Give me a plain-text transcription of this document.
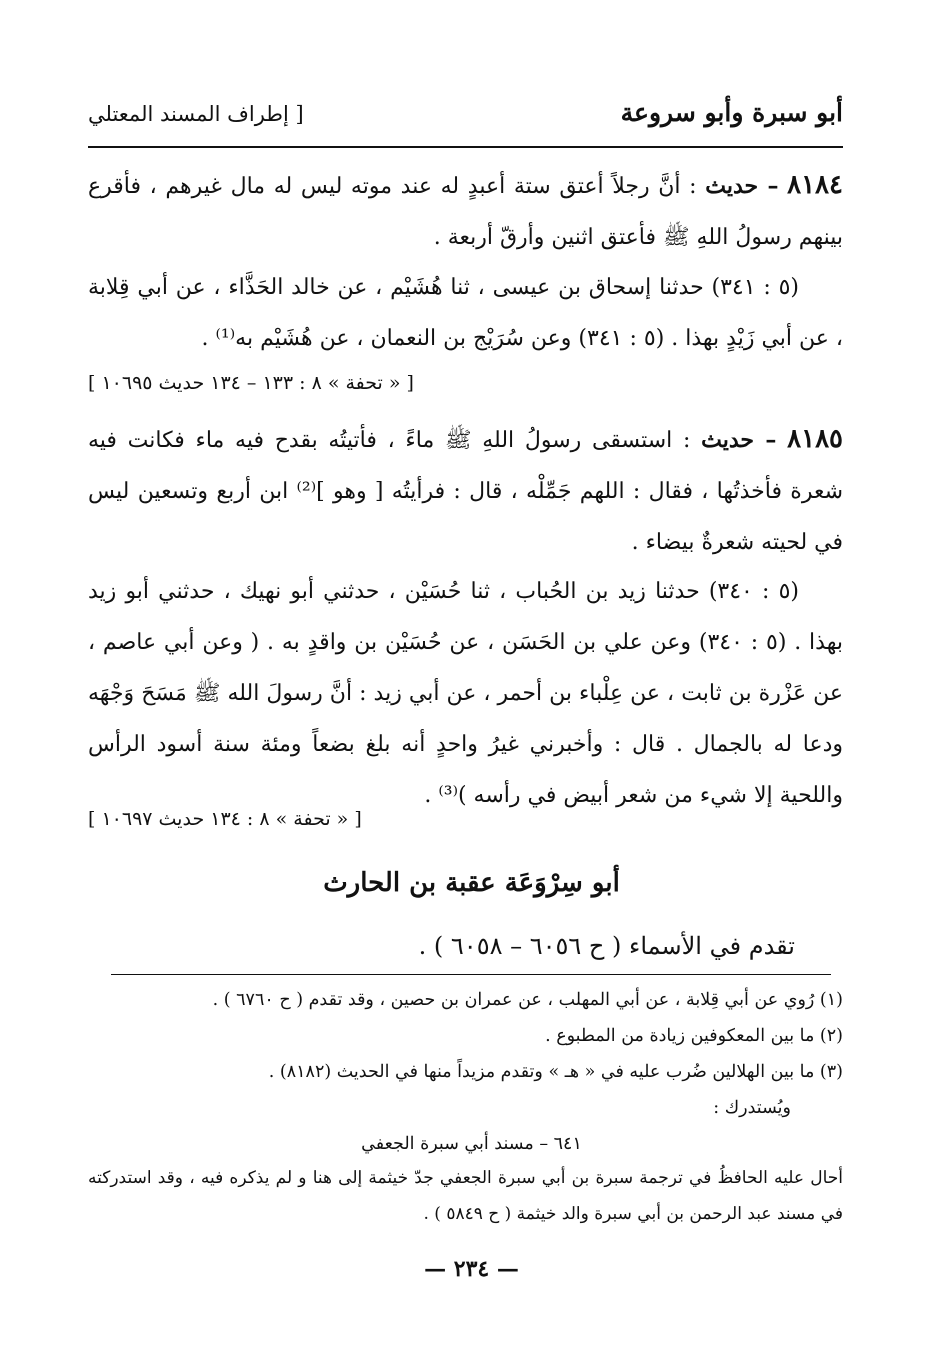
أبو سبرة وأبو سروعة
[ إطراف المسند المعتلي
٨١٨٤ – حديث : أنَّ رجلاً أعتق ستة أعبدٍ له عند موته ليس له مال غيرهم ، فأقرع بينهم رسولُ اللهِ ﷺ فأعتق اثنين وأرقّ أربعة .
(٥ : ٣٤١) حدثنا إسحاق بن عيسى ، ثنا هُشَيْم ، عن خالد الحَذَّاء ، عن أبي قِلابة ، عن أبي زَيْدٍ بهذا . (٥ : ٣٤١) وعن سُرَيْج بن النعمان ، عن هُشَيْم به⁽¹⁾ .
[ « تحفة » ٨ : ١٣٣ – ١٣٤ حديث ١٠٦٩٥ ]
٨١٨٥ – حديث : استسقى رسولُ اللهِ ﷺ ماءً ، فأتيتُه بقدح فيه ماء فكانت فيه شعرة فأخذتُها ، فقال : اللهم جَمِّلْه ، قال : فرأيتُه [ وهو ]⁽²⁾ ابن أربع وتسعين ليس في لحيته شعرةٌ بيضاء .
(٥ : ٣٤٠) حدثنا زيد بن الحُباب ، ثنا حُسَيْن ، حدثني أبو نهيك ، حدثني أبو زيد بهذا . (٥ : ٣٤٠) وعن علي بن الحَسَن ، عن حُسَيْن بن واقدٍ به . ( وعن أبي عاصم ، عن عَزْرة بن ثابت ، عن عِلْباء بن أحمر ، عن أبي زيد : أنَّ رسولَ الله ﷺ مَسَحَ وَجْهَه ودعا له بالجمال . قال : وأخبرني غيرُ واحدٍ أنه بلغ بضعاً ومئة سنة أسود الرأس واللحية إلا شيء من شعر أبيض في رأسه )⁽³⁾ .
[ « تحفة » ٨ : ١٣٤ حديث ١٠٦٩٧ ]
أبو سِرْوَعَة عقبة بن الحارث
تقدم في الأسماء ( ح ٦٠٥٦ – ٦٠٥٨ ) .
(١) رُوي عن أبي قِلابة ، عن أبي المهلب ، عن عمران بن حصين ، وقد تقدم ( ح ٦٧٦٠ ) .
(٢) ما بين المعكوفين زيادة من المطبوع .
(٣) ما بين الهلالين ضُرب عليه في « هـ » وتقدم مزيداً منها في الحديث (٨١٨٢) .
ويُستدرك :
٦٤١ – مسند أبي سبرة الجعفي
أحال عليه الحافظُ في ترجمة سبرة بن أبي سبرة الجعفي جدّ خيثمة إلى هنا و لم يذكره فيه ، وقد استدركته في مسند عبد الرحمن بن أبي سبرة والد خيثمة ( ح ٥٨٤٩ ) .
— ٢٣٤ —
